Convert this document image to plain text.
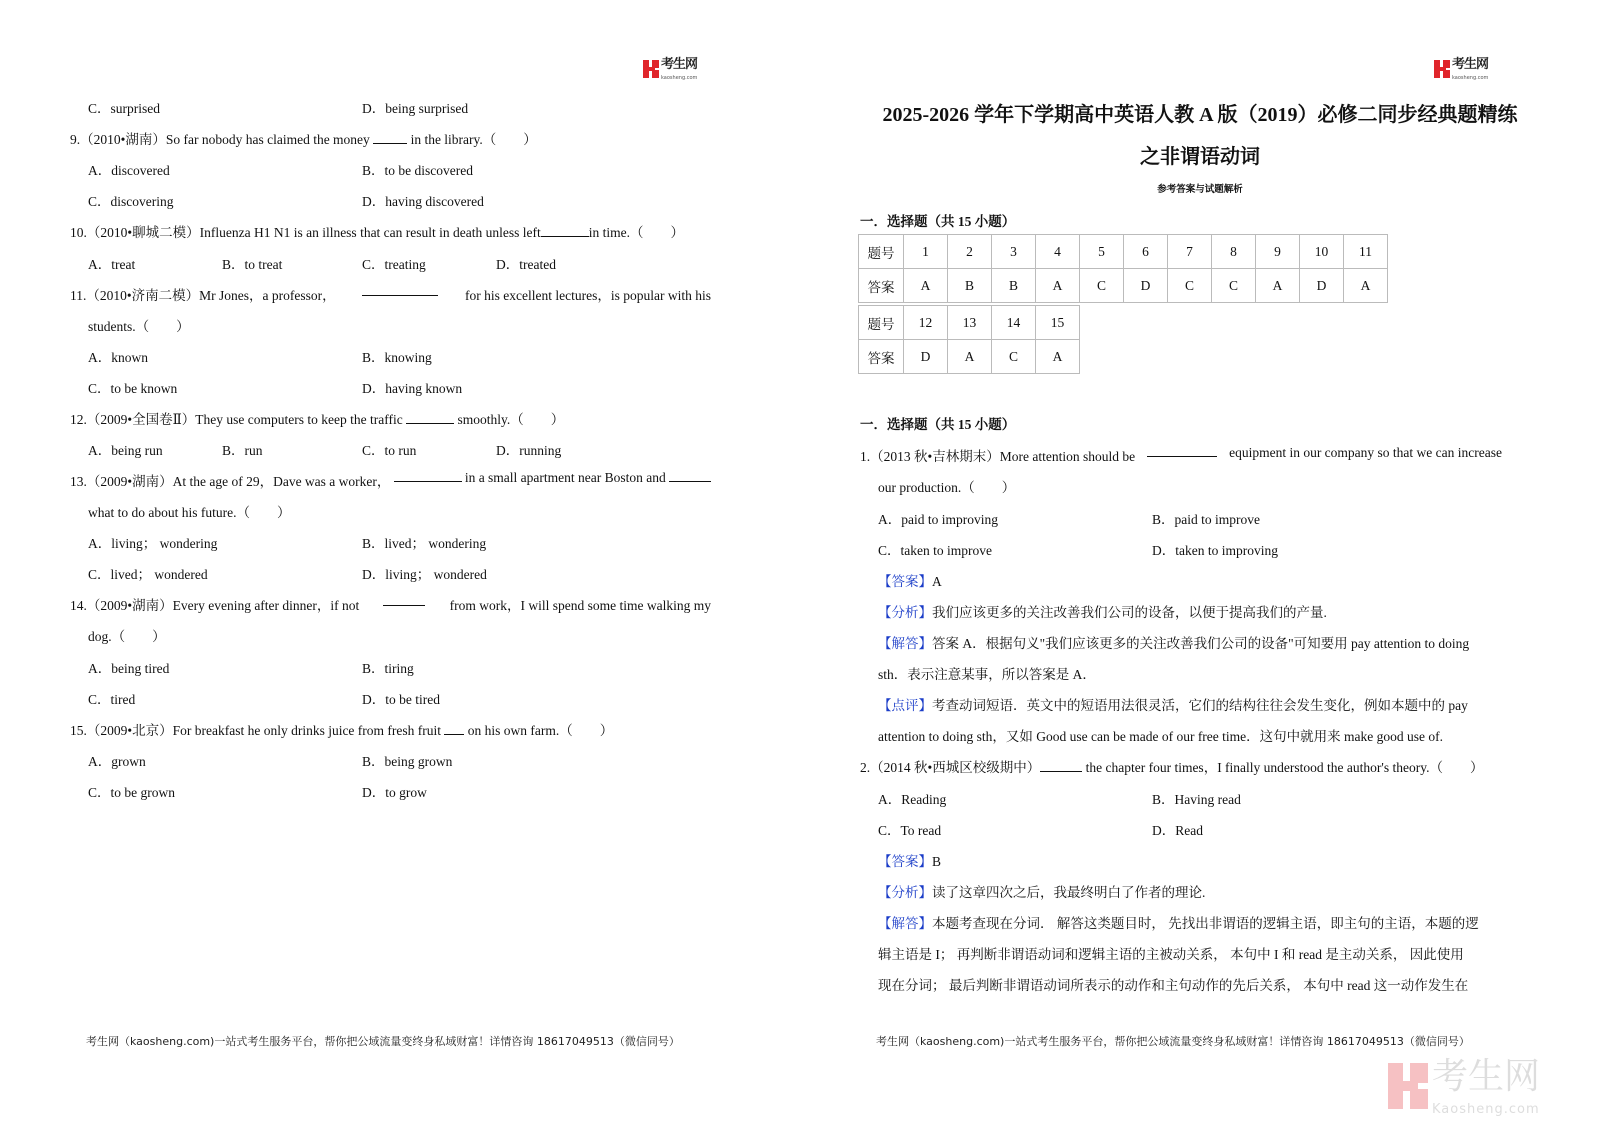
考生网
kaosheng.com
C．surprised	D．being surprised
9.（2010•湖南）So far nobody has claimed the money	in the library.（　　）
A．discovered	B．to be discovered
C．discovering	D．having discovered
10.（2010•聊城二模）Influenza H1 N1 is an illness that can result in death unless left	in time.（　　）
A．treat	B．to treat	C．treating	D．treated
11.（2010•济南二模）Mr Jones，a professor，	for his excellent lectures，is popular with his
students.（　　）
A．known	B．knowing
C．to be known	D．having known
12.（2009•全国卷Ⅱ）They use computers to keep the traffic	smoothly.（　　）
A．being run	B．run	C．to run	D．running
13.（2009•湖南）At the age of 29，Dave was a worker，	in a small apartment near Boston and
what to do about his future.（　　）
A．living； wondering	B．lived； wondering
C．lived； wondered	D．living； wondered
14.（2009•湖南）Every evening after dinner，if not	from work，I will spend some time walking my
dog.（　　）
A．being tired	B．tiring
C．tired	D．to be tired
15.（2009•北京）For breakfast he only drinks juice from fresh fruit on his own farm.（　　）
A．grown	B．being grown
C．to be grown	D．to grow
考生网（kaosheng.com)一站式考生服务平台，帮你把公域流量变终身私域财富！详情咨询 18617049513（微信同号）
考生网
kaosheng.com
2025-2026 学年下学期高中英语人教 A 版（2019）必修二同步经典题精练
之非谓语动词
参考答案与试题解析
一．选择题（共 15 小题）
题号	1	2	3	4	5	6	7	8	9	10	11
答案	A	B	B	A	C	D	C	C	A	D	A
题号	12	13	14	15
答案	D	A	C	A
一．选择题（共 15 小题）
1.（2013 秋•吉林期末）More attention should be	equipment in our company so that we can increase
our production.（　　）
A．paid to improving	B．paid to improve
C．taken to improve	D．taken to improving
【答案】A
【分析】我们应该更多的关注改善我们公司的设备，以便于提高我们的产量.
【解答】答案 A．根据句义"我们应该更多的关注改善我们公司的设备"可知要用 pay attention to doing
sth．表示注意某事，所以答案是 A．
【点评】考查动词短语．英文中的短语用法很灵活，它们的结构往往会发生变化，例如本题中的 pay
attention to doing sth，又如 Good use can be made of our free time．这句中就用来 make good use of.
2.（2014 秋•西城区校级期中）	the chapter four times，I finally understood the author's theory.（　　）
A．Reading	B．Having read
C．To read	D．Read
【答案】B
【分析】读了这章四次之后，我最终明白了作者的理论.
【解答】本题考查现在分词． 解答这类题目时， 先找出非谓语的逻辑主语，即主句的主语，本题的逻
辑主语是 I； 再判断非谓语动词和逻辑主语的主被动关系， 本句中 I 和 read 是主动关系， 因此使用
现在分词； 最后判断非谓语动词所表示的动作和主句动作的先后关系， 本句中 read 这一动作发生在
考生网（kaosheng.com)一站式考生服务平台，帮你把公域流量变终身私域财富！详情咨询 18617049513（微信同号）
考生网
Kaosheng.com
